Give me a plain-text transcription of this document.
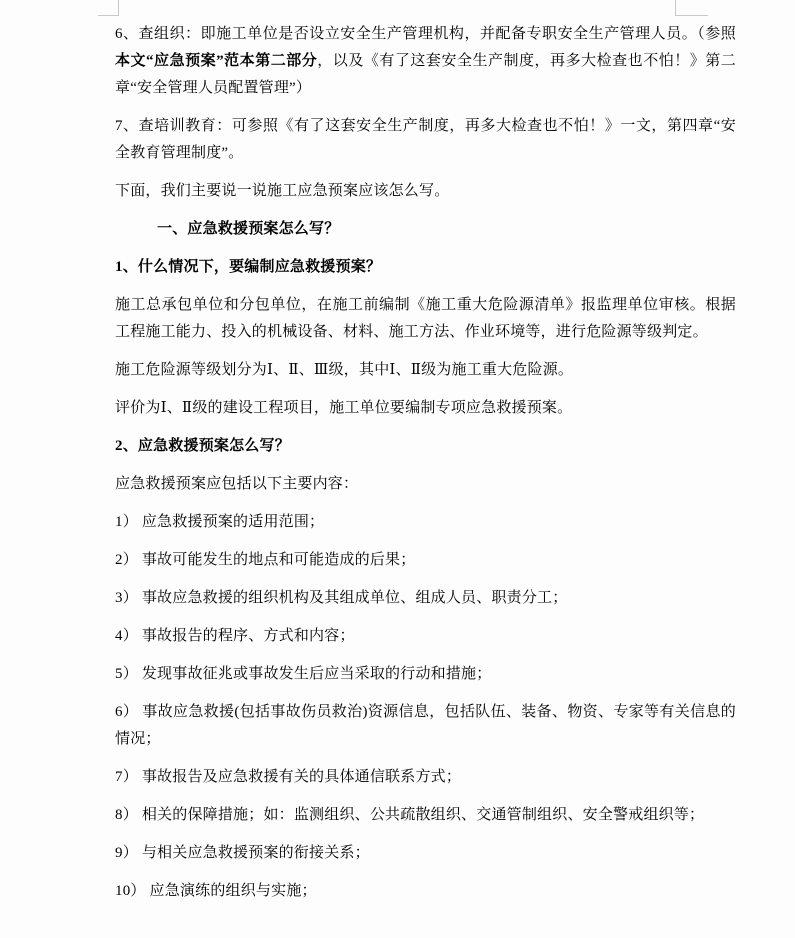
6、查组织：即施工单位是否设立安全生产管理机构，并配备专职安全生产管理人员。（参照本文“应急预案”范本第二部分，以及《有了这套安全生产制度，再多大检查也不怕！》第二章“安全管理人员配置管理”）

7、查培训教育：可参照《有了这套安全生产制度，再多大检查也不怕！》一文，第四章“安全教育管理制度”。

下面，我们主要说一说施工应急预案应该怎么写。

一、应急救援预案怎么写？

1、什么情况下，要编制应急救援预案？

施工总承包单位和分包单位，在施工前编制《施工重大危险源清单》报监理单位审核。根据工程施工能力、投入的机械设备、材料、施工方法、作业环境等，进行危险源等级判定。

施工危险源等级划分为Ⅰ、Ⅱ、Ⅲ级，其中Ⅰ、Ⅱ级为施工重大危险源。

评价为Ⅰ、Ⅱ级的建设工程项目，施工单位要编制专项应急救援预案。

2、应急救援预案怎么写？

应急救援预案应包括以下主要内容：

1） 应急救援预案的适用范围；

2） 事故可能发生的地点和可能造成的后果；

3） 事故应急救援的组织机构及其组成单位、组成人员、职责分工；

4） 事故报告的程序、方式和内容；

5） 发现事故征兆或事故发生后应当采取的行动和措施；

6） 事故应急救援(包括事故伤员救治)资源信息，包括队伍、装备、物资、专家等有关信息的情况；

7） 事故报告及应急救援有关的具体通信联系方式；

8） 相关的保障措施；如：监测组织、公共疏散组织、交通管制组织、安全警戒组织等；

9） 与相关应急救援预案的衔接关系；

10） 应急演练的组织与实施；
